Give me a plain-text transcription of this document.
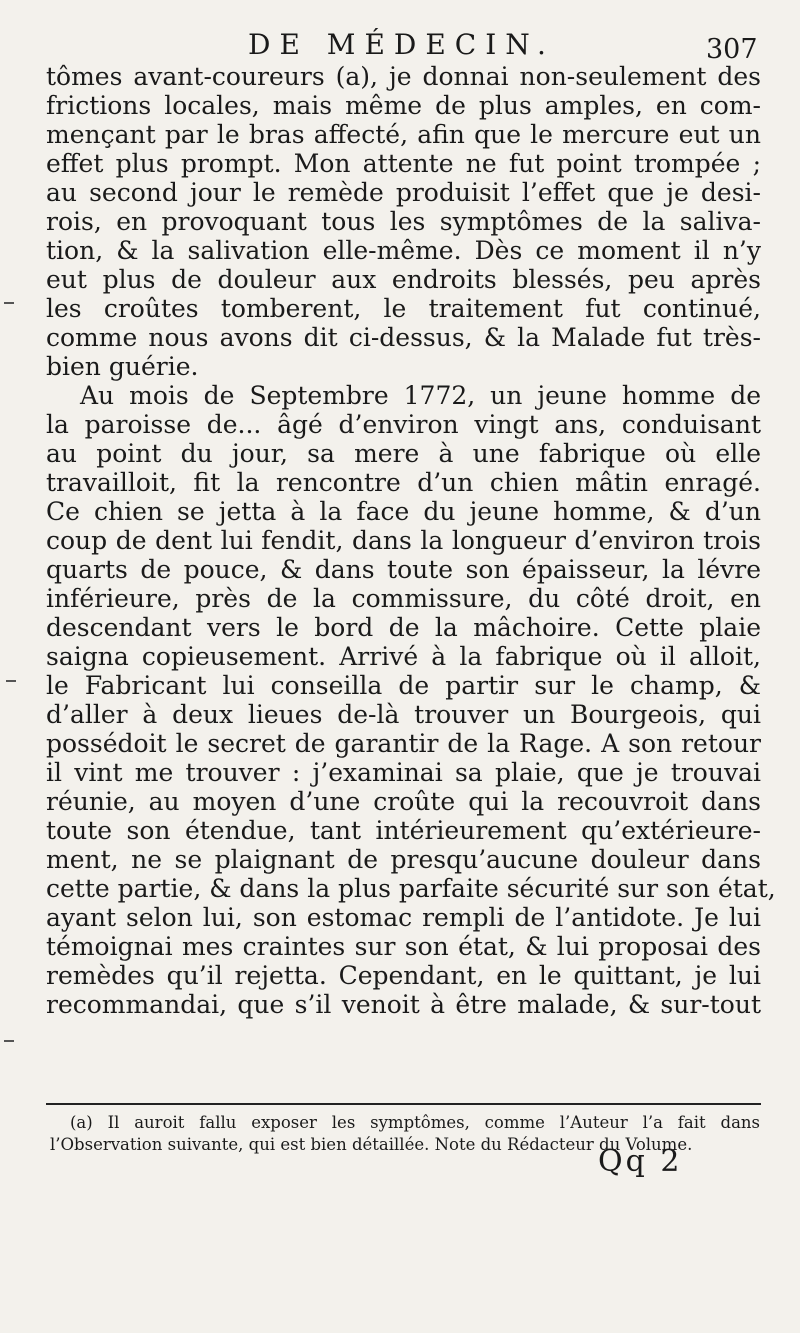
DE MÉDECIN.	307
tômes avant-coureurs (a), je donnai non-seulement des
frictions locales, mais même de plus amples, en com-
mençant par le bras affecté, afin que le mercure eut un
effet plus prompt. Mon attente ne fut point trompée ;
au second jour le remède produisit l’effet que je desi-
rois, en provoquant tous les symptômes de la saliva-
tion, & la salivation elle-même. Dès ce moment il n’y
eut plus de douleur aux endroits blessés, peu après
les croûtes tomberent, le traitement fut continué,
comme nous avons dit ci-dessus, & la Malade fut très-
bien guérie.
Au mois de Septembre 1772, un jeune homme de
la paroisse de... âgé d’environ vingt ans, conduisant
au point du jour, sa mere à une fabrique où elle
travailloit, fit la rencontre d’un chien mâtin enragé.
Ce chien se jetta à la face du jeune homme, & d’un
coup de dent lui fendit, dans la longueur d’environ trois
quarts de pouce, & dans toute son épaisseur, la lévre
inférieure, près de la commissure, du côté droit, en
descendant vers le bord de la mâchoire. Cette plaie
saigna copieusement. Arrivé à la fabrique où il alloit,
le Fabricant lui conseilla de partir sur le champ, &
d’aller à deux lieues de-là trouver un Bourgeois, qui
possédoit le secret de garantir de la Rage. A son retour
il vint me trouver : j’examinai sa plaie, que je trouvai
réunie, au moyen d’une croûte qui la recouvroit dans
toute son étendue, tant intérieurement qu’extérieure-
ment, ne se plaignant de presqu’aucune douleur dans
cette partie, & dans la plus parfaite sécurité sur son état,
ayant selon lui, son estomac rempli de l’antidote. Je lui
témoignai mes craintes sur son état, & lui proposai des
remèdes qu’il rejetta. Cependant, en le quittant, je lui
recommandai, que s’il venoit à être malade, & sur-tout
(a) Il auroit fallu exposer les symptômes, comme l’Auteur l’a fait dans
l’Observation suivante, qui est bien détaillée. Note du Rédacteur du Volume.
Qq 2
